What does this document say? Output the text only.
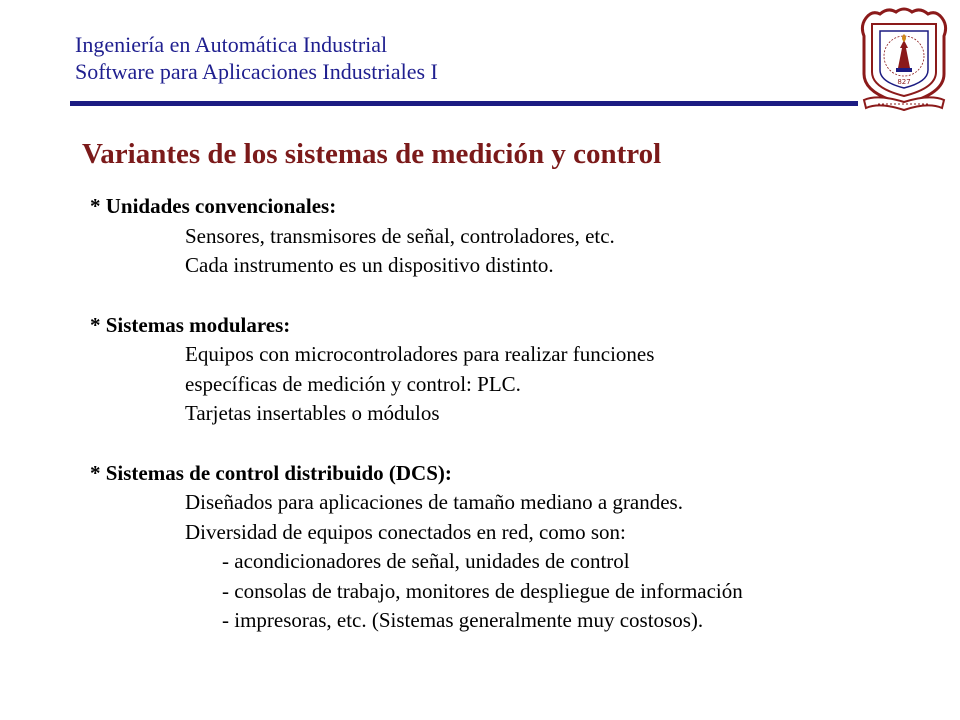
Ingeniería en Automática Industrial
Software para Aplicaciones Industriales I	827
Variantes de los sistemas de medición y control
* Unidades convencionales:
Sensores, transmisores de señal, controladores, etc.
Cada instrumento es un dispositivo distinto.
* Sistemas modulares:
Equipos con microcontroladores para realizar funciones
específicas de medición y control: PLC.
Tarjetas insertables o módulos
* Sistemas de control distribuido (DCS):
Diseñados para aplicaciones de tamaño mediano a grandes.
Diversidad de equipos conectados en red, como son:
- acondicionadores de señal, unidades de control
- consolas de trabajo, monitores de despliegue de información
- impresoras, etc. (Sistemas generalmente muy costosos).
